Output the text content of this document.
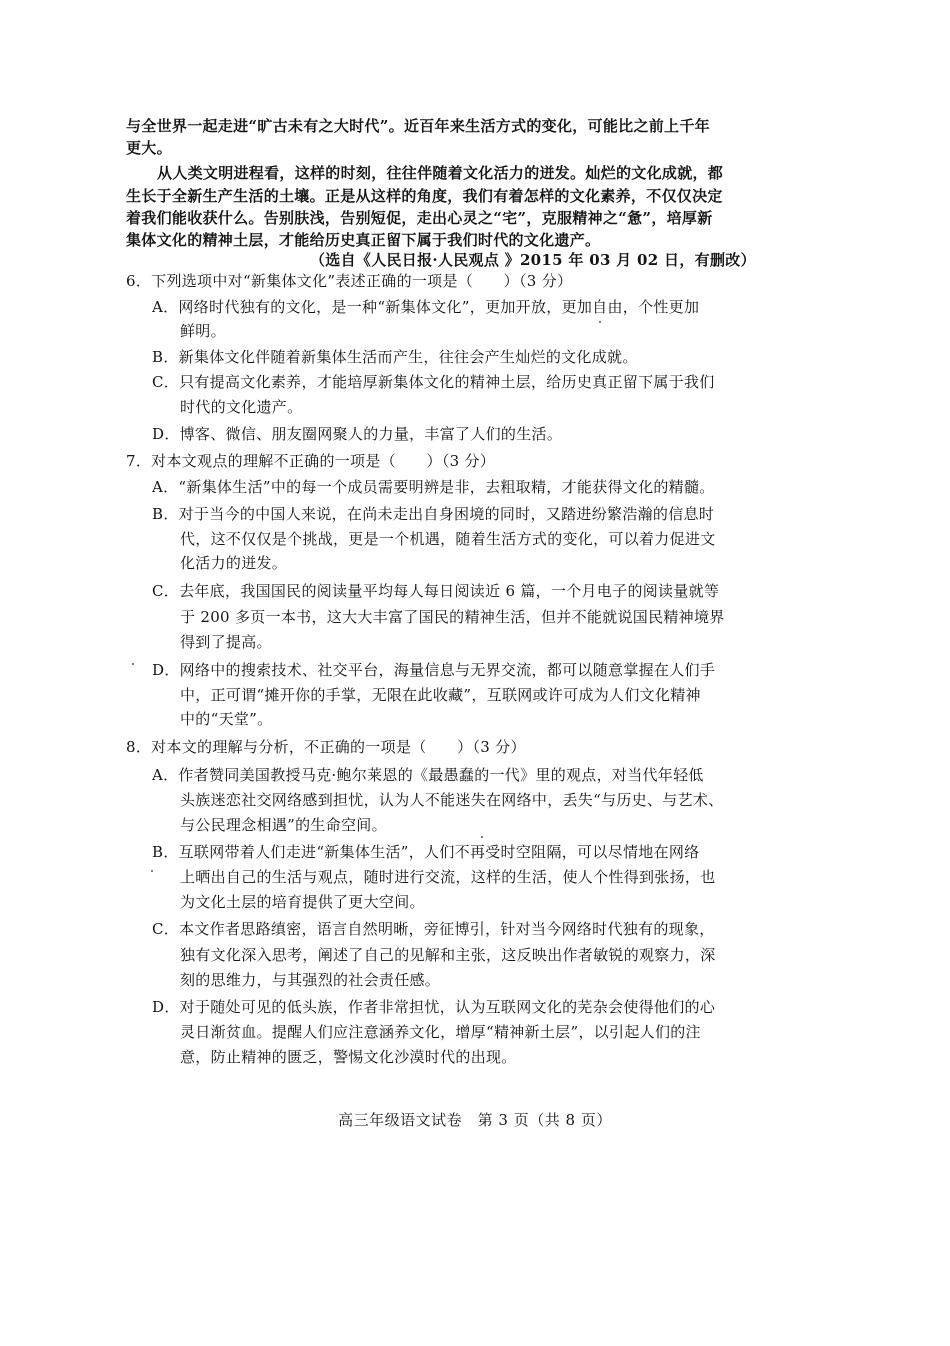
与全世界一起走进“旷古未有之大时代”。近百年来生活方式的变化，可能比之前上千年
更大。
从人类文明进程看，这样的时刻，往往伴随着文化活力的迸发。灿烂的文化成就，都
生长于全新生产生活的土壤。正是从这样的角度，我们有着怎样的文化素养，不仅仅决定
着我们能收获什么。告别肤浅，告别短促，走出心灵之“宅”，克服精神之“惫”，培厚新
集体文化的精神土层，才能给历史真正留下属于我们时代的文化遗产。
（选自《人民日报·人民观点 》2015 年 03 月 02 日，有删改）
6．下列选项中对“新集体文化”表述正确的一项是（　　）（3 分）
A．网络时代独有的文化，是一种“新集体文化”，更加开放，更加自由，个性更加
鲜明。
B．新集体文化伴随着新集体生活而产生，往往会产生灿烂的文化成就。
C．只有提高文化素养，才能培厚新集体文化的精神土层，给历史真正留下属于我们
时代的文化遗产。
D．博客、微信、朋友圈网聚人的力量，丰富了人们的生活。
7．对本文观点的理解不正确的一项是（　　）（3 分）
A．“新集体生活”中的每一个成员需要明辨是非，去粗取精，才能获得文化的精髓。
B．对于当今的中国人来说，在尚未走出自身困境的同时，又踏进纷繁浩瀚的信息时
代，这不仅仅是个挑战，更是一个机遇，随着生活方式的变化，可以着力促进文
化活力的迸发。
C．去年底，我国国民的阅读量平均每人每日阅读近 6 篇，一个月电子的阅读量就等
于 200 多页一本书，这大大丰富了国民的精神生活，但并不能就说国民精神境界
得到了提高。
D．网络中的搜索技术、社交平台，海量信息与无界交流，都可以随意掌握在人们手
中，正可谓“摊开你的手掌，无限在此收藏”，互联网或许可成为人们文化精神
中的“天堂”。
8．对本文的理解与分析，不正确的一项是（　　）（3 分）
A．作者赞同美国教授马克·鲍尔莱恩的《最愚蠢的一代》里的观点，对当代年轻低
头族迷恋社交网络感到担忧，认为人不能迷失在网络中，丢失“与历史、与艺术、
与公民理念相遇”的生命空间。
B．互联网带着人们走进“新集体生活”，人们不再受时空阻隔，可以尽情地在网络
上晒出自己的生活与观点，随时进行交流，这样的生活，使人个性得到张扬，也
为文化土层的培育提供了更大空间。
C．本文作者思路缜密，语言自然明晰，旁征博引，针对当今网络时代独有的现象，
独有文化深入思考，阐述了自己的见解和主张，这反映出作者敏锐的观察力，深
刻的思维力，与其强烈的社会责任感。
D．对于随处可见的低头族，作者非常担忧，认为互联网文化的芜杂会使得他们的心
灵日渐贫血。提醒人们应注意涵养文化，增厚“精神新土层”，以引起人们的注
意，防止精神的匮乏，警惕文化沙漠时代的出现。
高三年级语文试卷　第 3 页（共 8 页）
